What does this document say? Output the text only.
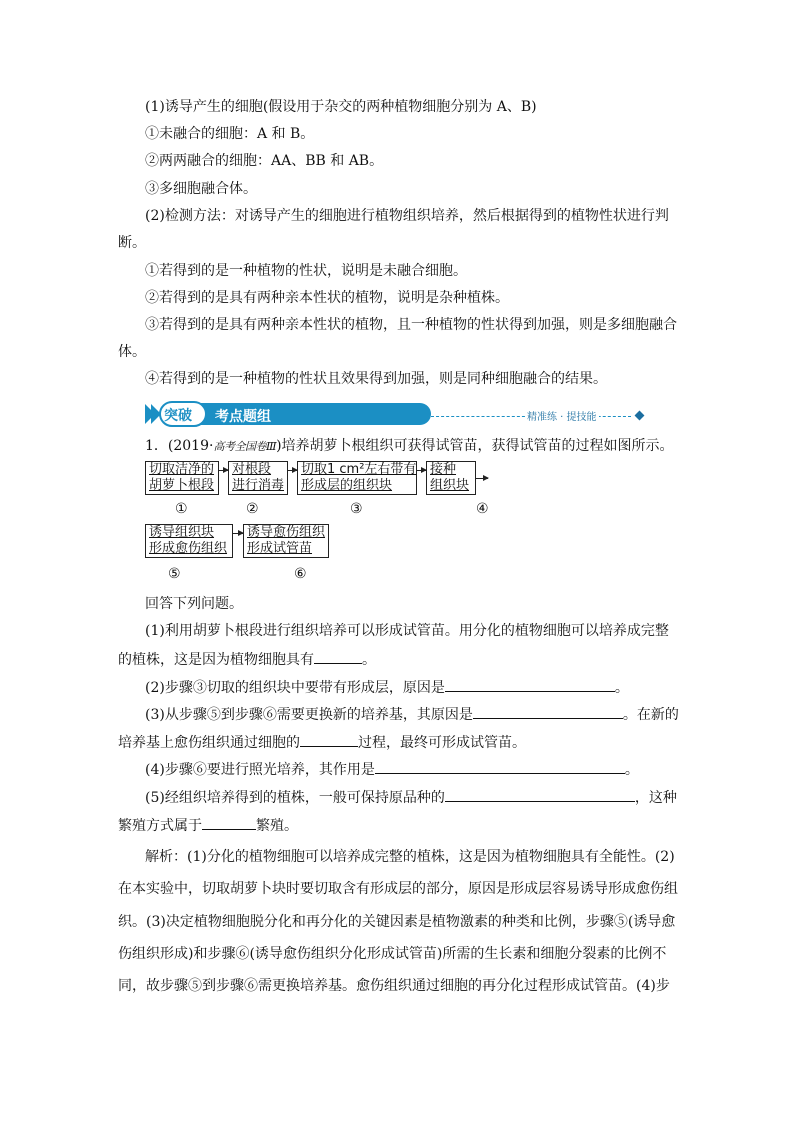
(1)诱导产生的细胞(假设用于杂交的两种植物细胞分别为 A、B)
①未融合的细胞：A 和 B。
②两两融合的细胞：AA、BB 和 AB。
③多细胞融合体。
(2)检测方法：对诱导产生的细胞进行植物组织培养，然后根据得到的植物性状进行判
断。
①若得到的是一种植物的性状，说明是未融合细胞。
②若得到的是具有两种亲本性状的植物，说明是杂种植株。
③若得到的是具有两种亲本性状的植物，且一种植物的性状得到加强，则是多细胞融合
体。
④若得到的是一种植物的性状且效果得到加强，则是同种细胞融合的结果。
突破 考点题组	精准练 · 提技能
1．(2019·高考全国卷Ⅲ)培养胡萝卜根组织可获得试管苗，获得试管苗的过程如图所示。
切取洁净的
胡萝卜根段
对根段
进行消毒
切取1 cm²左右带有
形成层的组织块
接种
组织块
①	②	③	④
诱导组织块
形成愈伤组织
诱导愈伤组织
形成试管苗
⑤	⑥
回答下列问题。
(1)利用胡萝卜根段进行组织培养可以形成试管苗。用分化的植物细胞可以培养成完整
的植株，这是因为植物细胞具有	。
(2)步骤③切取的组织块中要带有形成层，原因是	。
(3)从步骤⑤到步骤⑥需要更换新的培养基，其原因是	。在新的
培养基上愈伤组织通过细胞的	过程，最终可形成试管苗。
(4)步骤⑥要进行照光培养，其作用是	。
(5)经组织培养得到的植株，一般可保持原品种的	，这种
繁殖方式属于	繁殖。
解析：(1)分化的植物细胞可以培养成完整的植株，这是因为植物细胞具有全能性。(2)
在本实验中，切取胡萝卜块时要切取含有形成层的部分，原因是形成层容易诱导形成愈伤组
织。(3)决定植物细胞脱分化和再分化的关键因素是植物激素的种类和比例，步骤⑤(诱导愈
伤组织形成)和步骤⑥(诱导愈伤组织分化形成试管苗)所需的生长素和细胞分裂素的比例不
同，故步骤⑤到步骤⑥需更换培养基。愈伤组织通过细胞的再分化过程形成试管苗。(4)步
